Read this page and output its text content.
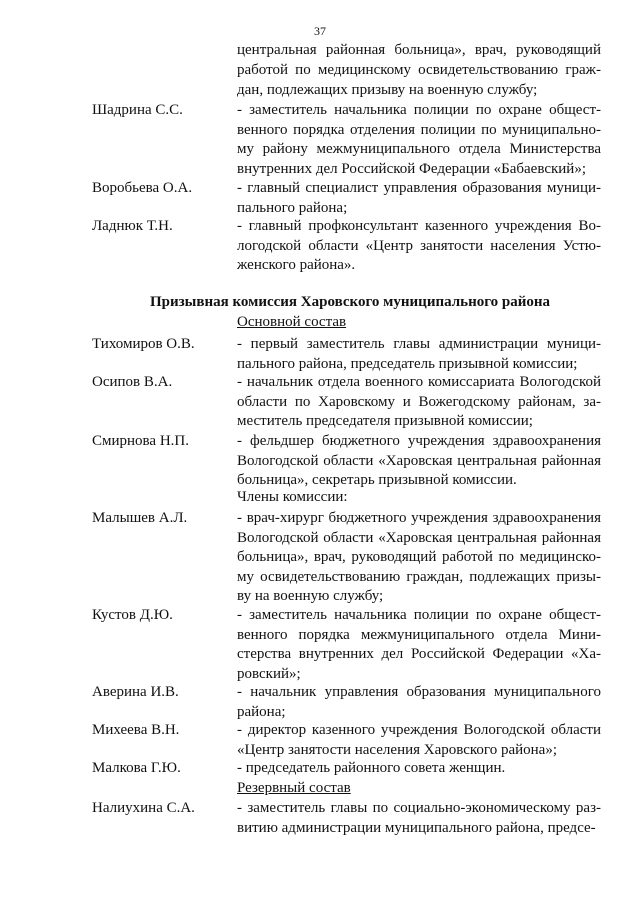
37
центральная районная больница», врач, руководящий
работой по медицинскому освидетельствованию граж-
дан, подлежащих призыву на военную службу;
Шадрина С.С.	- заместитель начальника полиции по охране общест-
венного порядка отделения полиции по муниципально-
му району межмуниципального отдела Министерства
внутренних дел Российской Федерации «Бабаевский»;
Воробьева О.А.	- главный специалист управления образования муници-
пального района;
Ладнюк Т.Н.	- главный профконсультант казенного учреждения Во-
логодской области «Центр занятости населения Устю-
женского района».
Тихомиров О.В.	- первый заместитель главы администрации муници-
пального района, председатель призывной комиссии;
Осипов В.А.	- начальник отдела военного комиссариата Вологодской
области по Харовскому и Вожегодскому районам, за-
меститель председателя призывной комиссии;
Смирнова Н.П.	- фельдшер бюджетного учреждения здравоохранения
Вологодской области «Харовская центральная районная
больница», секретарь призывной комиссии.
Малышев А.Л.	- врач-хирург бюджетного учреждения здравоохранения
Вологодской области «Харовская центральная районная
больница», врач, руководящий работой по медицинско-
му освидетельствованию граждан, подлежащих призы-
ву на военную службу;
Кустов Д.Ю.	- заместитель начальника полиции по охране общест-
венного порядка межмуниципального отдела Мини-
стерства внутренних дел Российской Федерации «Ха-
ровский»;
Аверина И.В.	- начальник управления образования муниципального
района;
Михеева В.Н.	- директор казенного учреждения Вологодской области
«Центр занятости населения Харовского района»;
Малкова Г.Ю.	- председатель районного совета женщин.
Налиухина С.А.	- заместитель главы по социально-экономическому раз-
витию администрации муниципального района, предсе-
Призывная комиссия Харовского муниципального района
Основной состав
Члены комиссии:
Резервный состав
